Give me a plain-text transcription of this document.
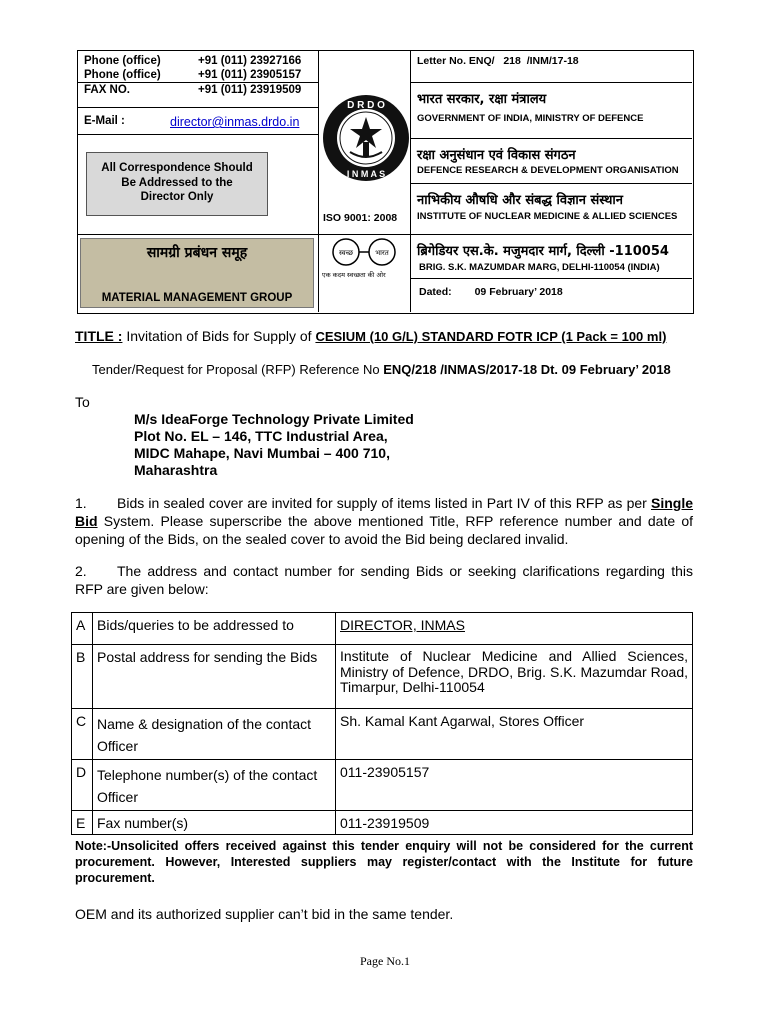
Phone (office)	+91 (011) 23927166
Phone (office)	+91 (011) 23905157
FAX NO.	+91 (011) 23919509
E-Mail :	director@inmas.drdo.in
All Correspondence Should
Be Addressed to the
Director Only
सामग्री प्रबंधन समूह
MATERIAL MANAGEMENT GROUP
D R D O
I N M A S
ISO 9001: 2008
स्वच्छ	भारत
एक कदम स्वच्छता की ओर
Letter No. ENQ/   218  /INM/17-18
भारत सरकार, रक्षा मंत्रालय
GOVERNMENT OF INDIA, MINISTRY OF DEFENCE
रक्षा अनुसंधान एवं विकास संगठन
DEFENCE RESEARCH & DEVELOPMENT ORGANISATION
नाभिकीय औषधि और संबद्ध विज्ञान संस्थान
INSTITUTE OF NUCLEAR MEDICINE & ALLIED SCIENCES
ब्रिगेडियर एस.के. मजुमदार मार्ग, दिल्ली -110054
BRIG. S.K. MAZUMDAR MARG, DELHI-110054 (INDIA)
Dated: 09 February’ 2018
TITLE : Invitation of Bids for Supply of CESIUM (10 G/L) STANDARD FOTR ICP (1 Pack = 100 ml)
Tender/Request for Proposal (RFP) Reference No ENQ/218 /INMAS/2017-18 Dt. 09 February’ 2018
To
M/s IdeaForge Technology Private Limited
Plot No. EL – 146, TTC Industrial Area,
MIDC Mahape, Navi Mumbai – 400 710,
Maharashtra
1. Bids in sealed cover are invited for supply of items listed in Part IV of this RFP as per Single Bid System. Please superscribe the above mentioned Title, RFP reference number and date of opening of the Bids, on the sealed cover to avoid the Bid being declared invalid.
2. The address and contact number for sending Bids or seeking clarifications regarding this RFP are given below:
A	Bids/queries to be addressed to	DIRECTOR, INMAS
B	Postal address for sending the Bids	Institute of Nuclear Medicine and Allied Sciences, Ministry of Defence, DRDO, Brig. S.K. Mazumdar Road, Timarpur, Delhi-110054
C	Name & designation of the contact Officer	Sh. Kamal Kant Agarwal, Stores Officer
D	Telephone number(s) of the contact Officer	011-23905157
E	Fax number(s)	011-23919509
Note:-Unsolicited offers received against this tender enquiry will not be considered for the current procurement. However, Interested suppliers may register/contact with the Institute for future procurement.
OEM and its authorized supplier can’t bid in the same tender.
Page No.1
